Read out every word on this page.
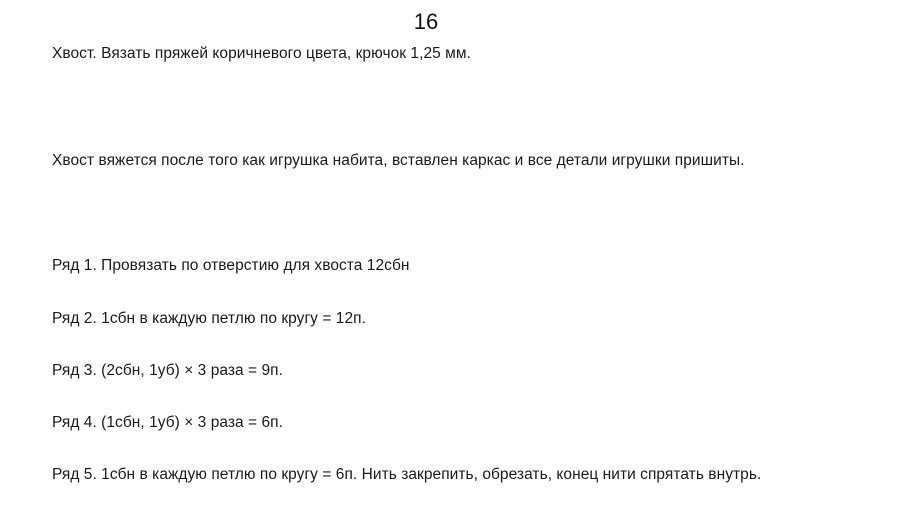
16
Хвост. Вязать пряжей коричневого цвета, крючок 1,25 мм.
Хвост вяжется после того как игрушка набита, вставлен каркас и все детали игрушки пришиты.
Ряд 1. Провязать по отверстию для хвоста 12сбн
Ряд 2. 1сбн в каждую петлю по кругу = 12п.
Ряд 3. (2сбн, 1уб) × 3 раза = 9п.
Ряд 4. (1сбн, 1уб) × 3 раза = 6п.
Ряд 5. 1сбн в каждую петлю по кругу = 6п. Нить закрепить, обрезать, конец нити спрятать внутрь.
